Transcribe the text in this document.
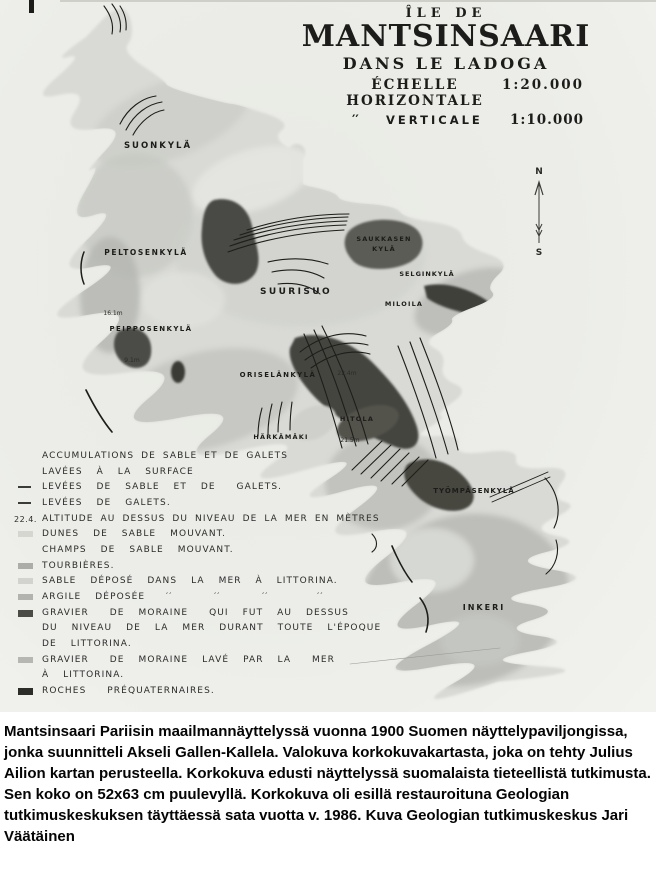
SUONKYLÄ
PELTOSENKYLÄ
SAUKKASEN
KYLÄ
SUURISUO
SELGINKYLÄ
MILOILA
PEIPPOSENKYLÄ
ORISELÄNKYLÄ
HITOLA
HÄRKÄMÄKI
TYÖMPÄSENKYLÄ
INKERI
16.1m
9.1m
22.4m
21.5m
N
S
ÎLE DE
MANTSINSAARI
DANS LE LADOGA
ÉCHELLE HORIZONTALE
1:20.000
′′ VERTICALE 1:10.000
ACCUMULATIONS DE SABLE ET DE GALETS
LAVÉES  À  LA  SURFACE
LEVÉES  DE  SABLE  ET  DE   GALETS.
LEVÉES  DE  GALETS.
22.4. ALTITUDE AU DESSUS DU NIVEAU DE LA MER EN MÈTRES
DUNES  DE  SABLE  MOUVANT.
CHAMPS  DE  SABLE  MOUVANT.
TOURBIÈRES.
SABLE  DÉPOSÉ  DANS  LA  MER  À  LITTORINA.
ARGILE  DÉPOSÉE   ′′      ′′      ′′       ′′
GRAVIER   DE  MORAINE   QUI  FUT  AU  DESSUS
DU  NIVEAU  DE  LA  MER  DURANT  TOUTE  L'ÉPOQUE
DE  LITTORINA.
GRAVIER   DE  MORAINE  LAVÉ  PAR  LA   MER
À  LITTORINA.
ROCHES   PRÉQUATERNAIRES.

Mantsinsaari Pariisin maailmannäyttelyssä vuonna 1900 Suomen näyttelypaviljongissa, jonka suunnitteli Akseli Gallen-Kallela. Valokuva korkokuvakartasta, joka on tehty Julius Ailion kartan perusteella. Korkokuva edusti näyttelyssä suomalaista tieteellistä tutkimusta. Sen koko on 52x63 cm puulevyllä. Korkokuva oli esillä restauroituna Geologian tutkimuskeskuksen täyttäessä sata vuotta v. 1986. Kuva Geologian tutkimuskeskus Jari Väätäinen
